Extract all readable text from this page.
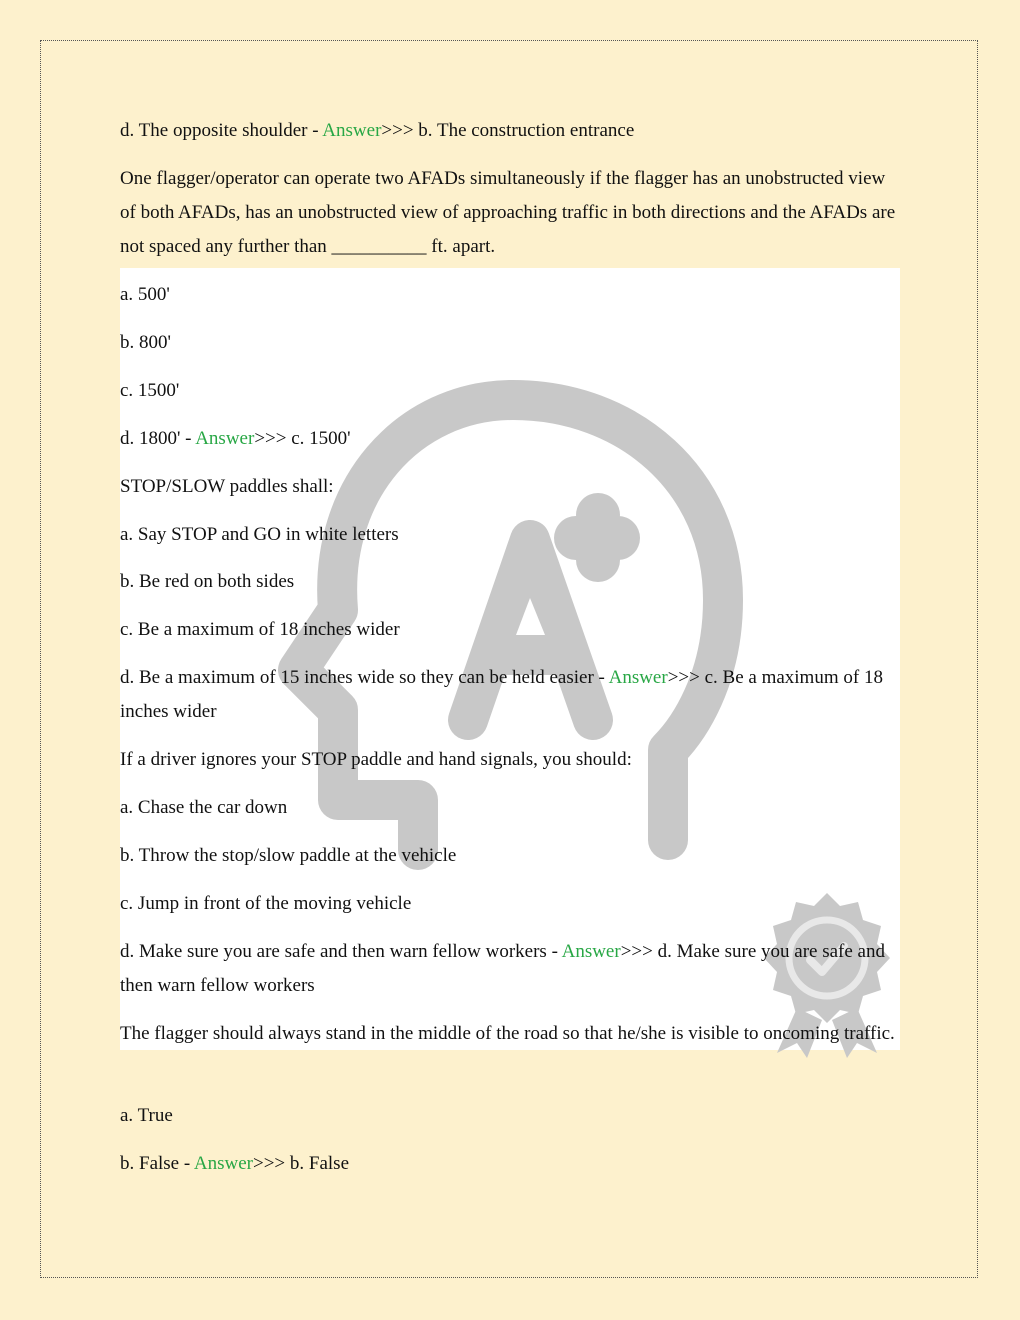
d. The opposite shoulder - Answer>>> b. The construction entrance
One flagger/operator can operate two AFADs simultaneously if the flagger has an unobstructed view of both AFADs, has an unobstructed view of approaching traffic in both directions and the AFADs are not spaced any further than __________ ft. apart.
a. 500'
b. 800'
c. 1500'
d. 1800' - Answer>>> c. 1500'
STOP/SLOW paddles shall:
a. Say STOP and GO in white letters
b. Be red on both sides
c. Be a maximum of 18 inches wider
d. Be a maximum of 15 inches wide so they can be held easier - Answer>>> c. Be a maximum of 18 inches wider
If a driver ignores your STOP paddle and hand signals, you should:
a. Chase the car down
b. Throw the stop/slow paddle at the vehicle
c. Jump in front of the moving vehicle
d. Make sure you are safe and then warn fellow workers - Answer>>> d. Make sure you are safe and then warn fellow workers
The flagger should always stand in the middle of the road so that he/she is visible to oncoming traffic.
a. True
b. False - Answer>>> b. False
